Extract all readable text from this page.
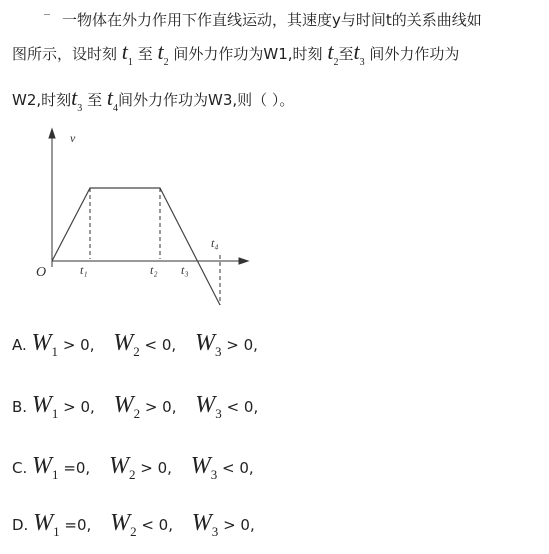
一物体在外力作用下作直线运动，其速度y与时间t的关系曲线如
图所示，设时刻 $t_1$ 至 $t_2$ 间外力作功为W1,时刻 $t_2$至$t_3$ 间外力作功为
W2,时刻$t_3$ 至 $t_4$间外力作功为W3,则（ ）。
v
O	t₁	t₂ t₃
t₄
A. W1 > 0, W2 < 0, W3 > 0,
B. W1 > 0, W2 > 0, W3 < 0,
C. W1 =0, W2 > 0, W3 < 0,
D. W1 =0, W2 < 0, W3 > 0,
